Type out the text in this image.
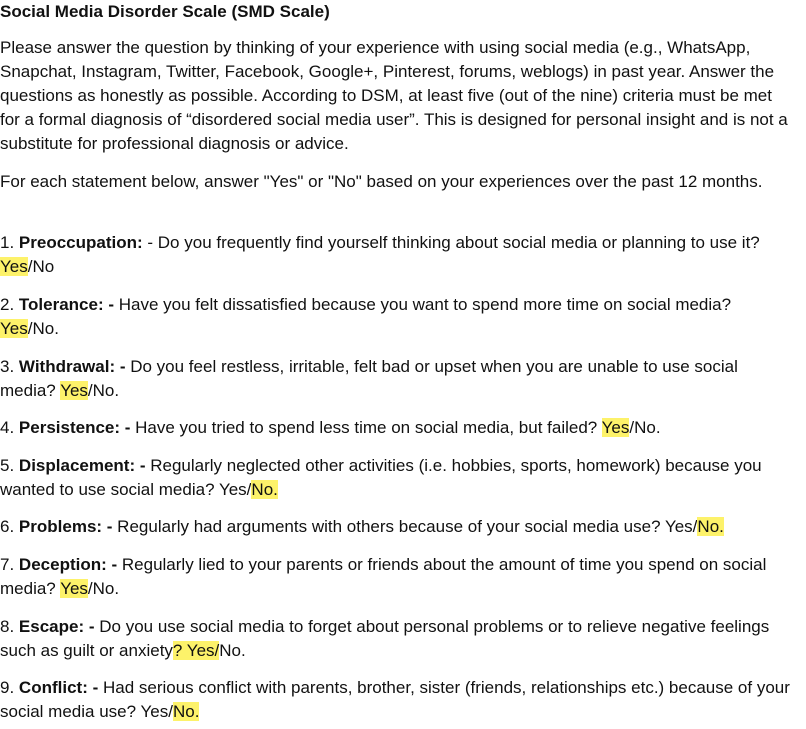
Social Media Disorder Scale (SMD Scale)
Please answer the question by thinking of your experience with using social media (e.g., WhatsApp, Snapchat, Instagram, Twitter, Facebook, Google+, Pinterest, forums, weblogs) in past year. Answer the questions as honestly as possible. According to DSM, at least five (out of the nine) criteria must be met for a formal diagnosis of “disordered social media user”. This is designed for personal insight and is not a substitute for professional diagnosis or advice.
For each statement below, answer "Yes" or "No" based on your experiences over the past 12 months.
1. Preoccupation: - Do you frequently find yourself thinking about social media or planning to use it? Yes/No
2. Tolerance: - Have you felt dissatisfied because you want to spend more time on social media? Yes/No.
3. Withdrawal: - Do you feel restless, irritable, felt bad or upset when you are unable to use social media? Yes/No.
4. Persistence: - Have you tried to spend less time on social media, but failed? Yes/No.
5. Displacement: - Regularly neglected other activities (i.e. hobbies, sports, homework) because you wanted to use social media? Yes/No.
6. Problems: - Regularly had arguments with others because of your social media use? Yes/No.
7. Deception: - Regularly lied to your parents or friends about the amount of time you spend on social media? Yes/No.
8. Escape: - Do you use social media to forget about personal problems or to relieve negative feelings such as guilt or anxiety? Yes/No.
9. Conflict: - Had serious conflict with parents, brother, sister (friends, relationships etc.) because of your social media use? Yes/No.
